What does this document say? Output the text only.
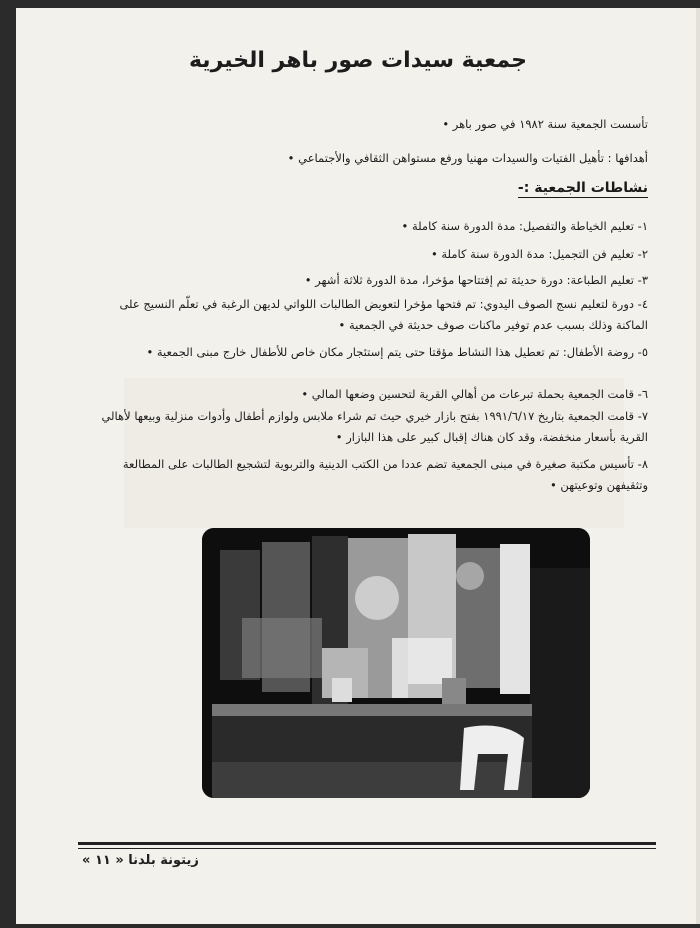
جمعية سيدات صور باهر الخيرية
تأسست الجمعية سنة ١٩٨٢ في صور باهر •
أهدافها : تأهيل الفتيات والسيدات مهنيا ورفع مستواهن الثقافي والأجتماعي •
نشاطات الجمعية :-
١- تعليم الخياطة والتفصيل: مدة الدورة سنة كاملة •
٢- تعليم فن التجميل: مدة الدورة سنة كاملة •
٣- تعليم الطباعة: دورة حديثة تم إفتتاحها مؤخرا، مدة الدورة ثلاثة أشهر •
٤- دورة لتعليم نسج الصوف اليدوي: تم فتحها مؤخرا لتعويض الطالبات اللواتي لديهن الرغبة في تعلّم النسيج على الماكنة وذلك بسبب عدم توفير ماكنات صوف حديثة في الجمعية •
٥- روضة الأطفال: تم تعطيل هذا النشاط مؤقتا حتى يتم إستئجار مكان خاص للأطفال خارج مبنى الجمعية •
٦- قامت الجمعية بحملة تبرعات من أهالي القرية لتحسين وضعها المالي •
٧- قامت الجمعية بتاريخ ١٩٩١/٦/١٧ بفتح بازار خيري حيث تم شراء ملابس ولوازم أطفال وأدوات منزلية وبيعها لأهالي القرية بأسعار منخفضة، وقد كان هناك إقبال كبير على هذا البازار •
٨- تأسيس مكتبة صغيرة في مبنى الجمعية تضم عددا من الكتب الدينية والتربوية لتشجيع الطالبات على المطالعة وتثقيفهن وتوعيتهن •
زيتونة بلدنا « ١١ »
